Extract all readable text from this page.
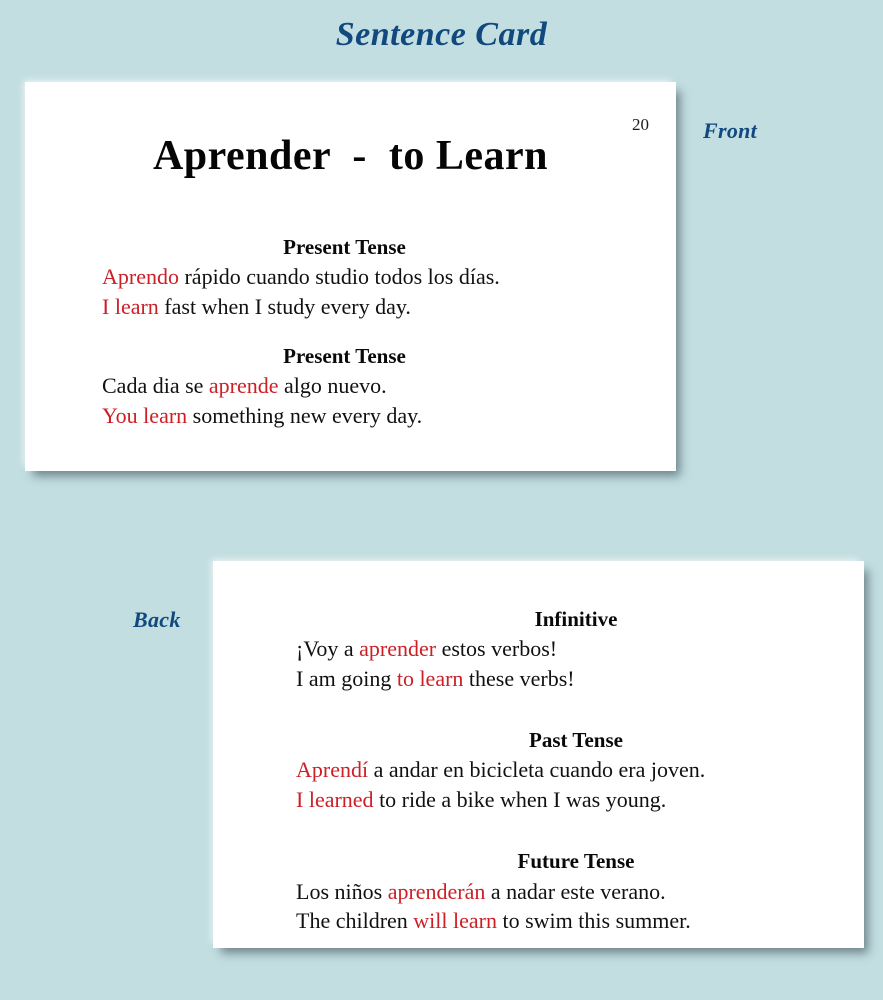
Sentence Card
Front
Back
20
Aprender  -  to Learn
Present Tense
Aprendo rápido cuando studio todos los días.
I learn fast when I study every day.
Present Tense
Cada dia se aprende algo nuevo.
You learn something new every day.
Infinitive
¡Voy a aprender estos verbos!
I am going to learn these verbs!
Past Tense
Aprendí a andar en bicicleta cuando era joven.
I learned to ride a bike when I was young.
Future Tense
Los niños aprenderán a nadar este verano.
The children will learn to swim this summer.
